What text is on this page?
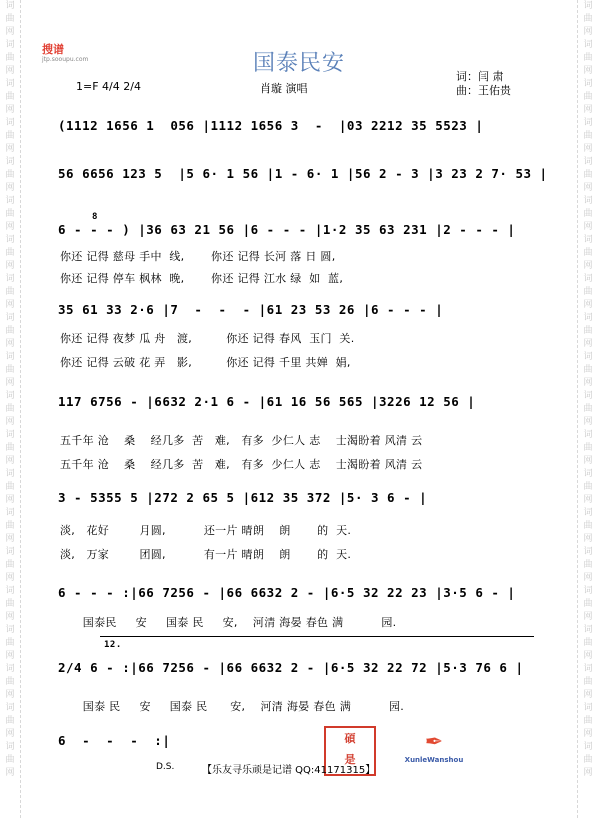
词
曲
网
词
曲
网
词
曲
网
词
曲
网
词
曲
网
词
曲
网
词
曲
网
词
曲
网
词
曲
网
词
曲
网
词
曲
网
词
曲
网
词
曲
网
词
曲
网
词
曲
网
词
曲
网
词
曲
网
词
曲
网
词
曲
网
词
曲
网
词
曲
网
词
曲
网
词
曲
网
词
曲
网
词
曲
网
词
曲
网
词
曲
网
词
曲
网
词
曲
网
词
曲
网
词
曲
网
词
曲
网
词
曲
网
词
曲
网
词
曲
网
词
曲
网
词
曲
网
词
曲
网
词
曲
网
词
曲
网
搜谱
jtp.sooupu.com	国泰民安
1=F 4/4 2/4	肖璇 演唱
词：闫 肃
曲：王佑贵
(1112 1656 1  056 |1112 1656 3  -  |03 2212 35 5523 |
56 6656 123 5  |5 6· 1 56 |1 - 6· 1 |56 2 - 3 |3 23 2 7· 53 |
8
6 - - - ) |36 63 21 56 |6 - - - |1·2 35 63 231 |2 - - - |
你还 记得 慈母 手中  线,       你还 记得 长河 落 日 圆,
你还 记得 停车 枫林  晚,       你还 记得 江水 绿  如  蓝,
35 61 33 2·6 |7  -  -  - |61 23 53 26 |6 - - - |
你还 记得 夜梦 瓜 舟   渡,         你还 记得 春风  玉门  关.
你还 记得 云破 花 弄   影,         你还 记得 千里 共婵  娟,
117 6756 - |6632 2·1 6 - |61 16 56 565 |3226 12 56 |
五千年 沧    桑    经几多  苦   难,   有多  少仁人 志    士渴盼着 风清 云
五千年 沧    桑    经几多  苦   难,   有多  少仁人 志    士渴盼着 风清 云
3 - 5355 5 |272 2 65 5 |612 35 372 |5· 3 6 - |
淡,   花好        月圆,          还一片 晴朗    朗       的  天.
淡,   万家        团圆,          有一片 晴朗    朗       的  天.
6 - - - :|66 7256 - |66 6632 2 - |6·5 32 22 23 |3·5 6 - |
国泰民     安     国泰 民     安,    河清 海晏 春色 满          园.
12.
2/4 6 - :|66 7256 - |66 6632 2 - |6·5 32 22 72 |5·3 76 6 |
国泰 民     安     国泰 民      安,    河清 海晏 春色 满          园.
6  -  -  -  :|
D.S.
碩
是
✒
XunleWanshou
【乐友寻乐顽是记谱 QQ:41171315】
